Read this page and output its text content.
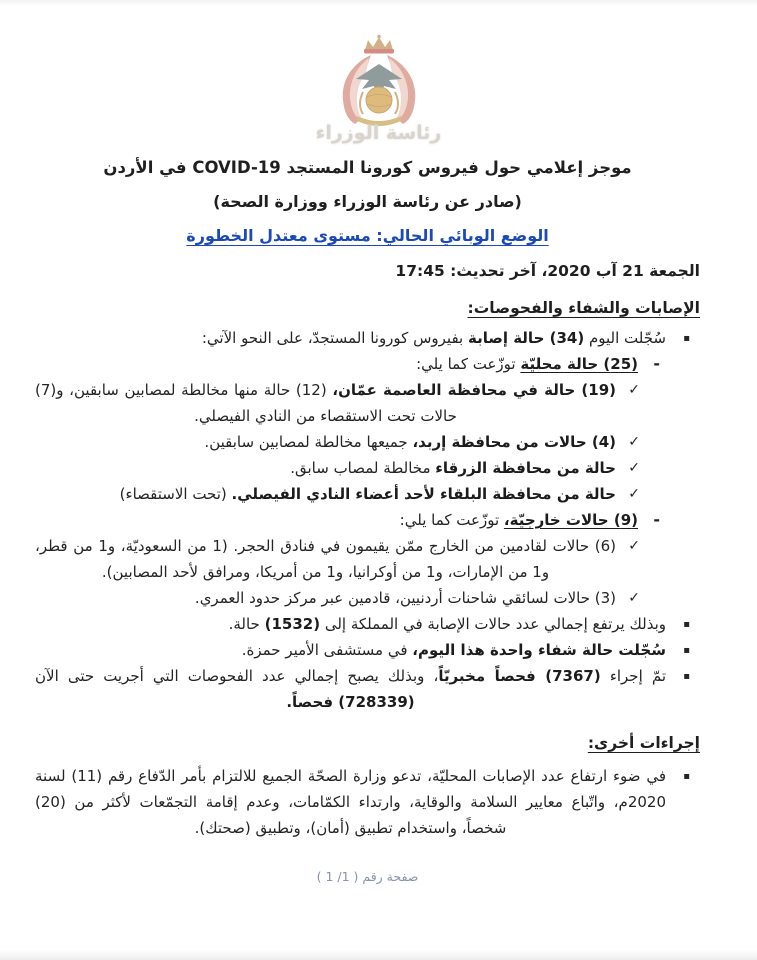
رئاسة الوزراء
موجز إعلامي حول فيروس كورونا المستجد ‎COVID-19‎ في الأردن
(صادر عن رئاسة الوزراء ووزارة الصحة)
الوضع الوبائي الحالي: مستوى معتدل الخطورة
الجمعة 21 آب 2020، آخر تحديث: 17:45
الإصابات والشفاء والفحوصات:
▪
سُجّلت اليوم (34) حالة إصابة بفيروس كورونا المستجدّ، على النحو الآتي:
-
(25) حالة محليّة توزّعت كما يلي:
✓
(19) حالة في محافظة العاصمة عمّان، (12) حالة منها مخالطة لمصابين سابقين، و(7) حالات تحت الاستقصاء من النادي الفيصلي.
✓
(4) حالات من محافظة إربد، جميعها مخالطة لمصابين سابقين.
✓
حالة من محافظة الزرقاء مخالطة لمصاب سابق.
✓
حالة من محافظة البلقاء لأحد أعضاء النادي الفيصلي. (تحت الاستقصاء)
-
(9) حالات خارجيّة، توزّعت كما يلي:
✓
(6) حالات لقادمين من الخارج ممّن يقيمون في فنادق الحجر. (1 من السعوديّة، و1 من قطر، و1 من الإمارات، و1 من أوكرانيا، و1 من أمريكا، ومرافق لأحد المصابين).
✓
(3) حالات لسائقي شاحنات أردنيين، قادمين عبر مركز حدود العمري.
▪
وبذلك يرتفع إجمالي عدد حالات الإصابة في المملكة إلى (1532) حالة.
▪
سُجّلت حالة شفاء واحدة هذا اليوم، في مستشفى الأمير حمزة.
▪
تمّ إجراء (7367) فحصاً مخبريّاً، وبذلك يصبح إجمالي عدد الفحوصات التي أجريت حتى الآن (728339) فحصاً.
إجراءات أخرى:
▪
في ضوء ارتفاع عدد الإصابات المحليّة، تدعو وزارة الصحّة الجميع للالتزام بأمر الدّفاع رقم (11) لسنة 2020م، واتّباع معايير السلامة والوقاية، وارتداء الكمّامات، وعدم إقامة التجمّعات لأكثر من (20) شخصاً، واستخدام تطبيق (أمان)، وتطبيق (صحتك).
صفحة رقم ( 1/ 1 )
